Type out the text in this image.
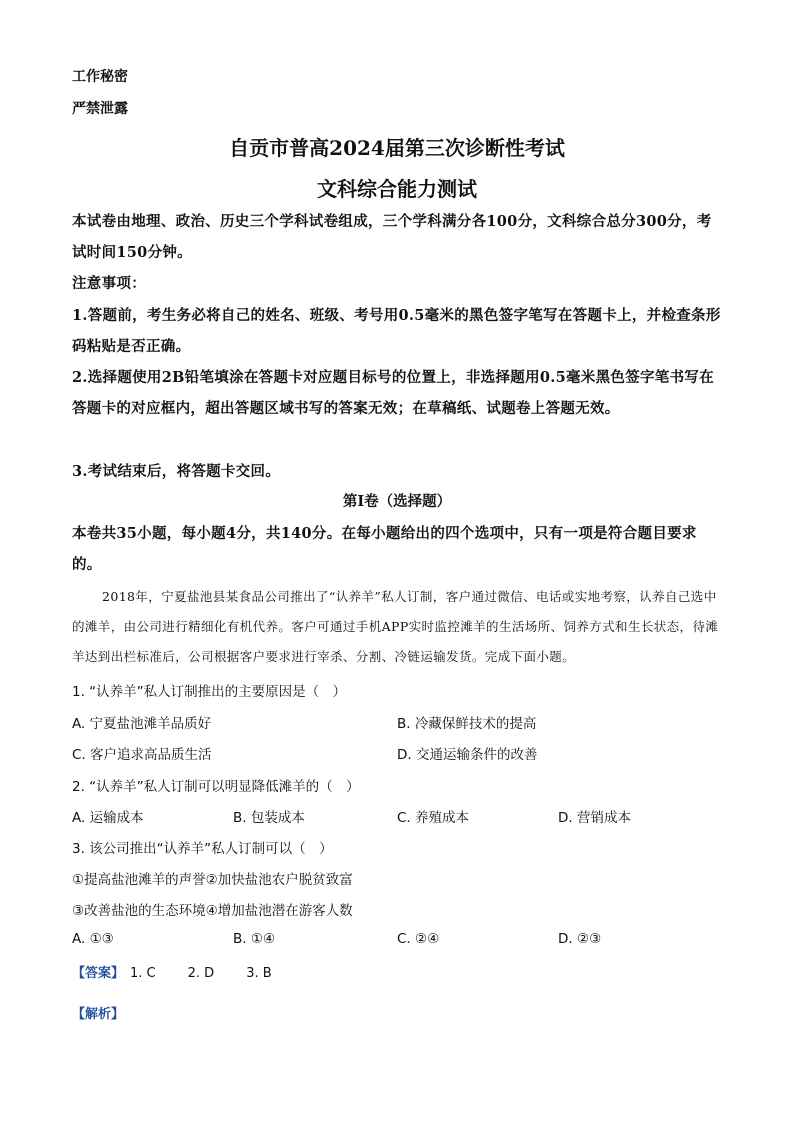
工作秘密
严禁泄露
自贡市普高2024届第三次诊断性考试
文科综合能力测试
本试卷由地理、政治、历史三个学科试卷组成，三个学科满分各100分，文科综合总分300分，考试时间150分钟。
注意事项：
1.答题前，考生务必将自己的姓名、班级、考号用0.5毫米的黑色签字笔写在答题卡上，并检查条形码粘贴是否正确。
2.选择题使用2B铅笔填涂在答题卡对应题目标号的位置上，非选择题用0.5毫米黑色签字笔书写在答题卡的对应框内，超出答题区域书写的答案无效；在草稿纸、试题卷上答题无效。
3.考试结束后，将答题卡交回。
第Ⅰ卷（选择题）
本卷共35小题，每小题4分，共140分。在每小题给出的四个选项中，只有一项是符合题目要求的。
2018年，宁夏盐池县某食品公司推出了“认养羊”私人订制，客户通过微信、电话或实地考察，认养自己选中的滩羊，由公司进行精细化有机代养。客户可通过手机APP实时监控滩羊的生活场所、饲养方式和生长状态，待滩羊达到出栏标准后，公司根据客户要求进行宰杀、分割、冷链运输发货。完成下面小题。
1. “认养羊”私人订制推出的主要原因是（　）
A. 宁夏盐池滩羊品质好	B. 冷藏保鲜技术的提高
C. 客户追求高品质生活	D. 交通运输条件的改善
2. “认养羊”私人订制可以明显降低滩羊的（　）
A. 运输成本	B. 包装成本	C. 养殖成本	D. 营销成本
3. 该公司推出“认养羊”私人订制可以（　）
①提高盐池滩羊的声誉②加快盐池农户脱贫致富
③改善盐池的生态环境④增加盐池潜在游客人数
A. ①③	B. ①④	C. ②④	D. ②③
【答案】 1. C 2. D 3. B
【解析】
